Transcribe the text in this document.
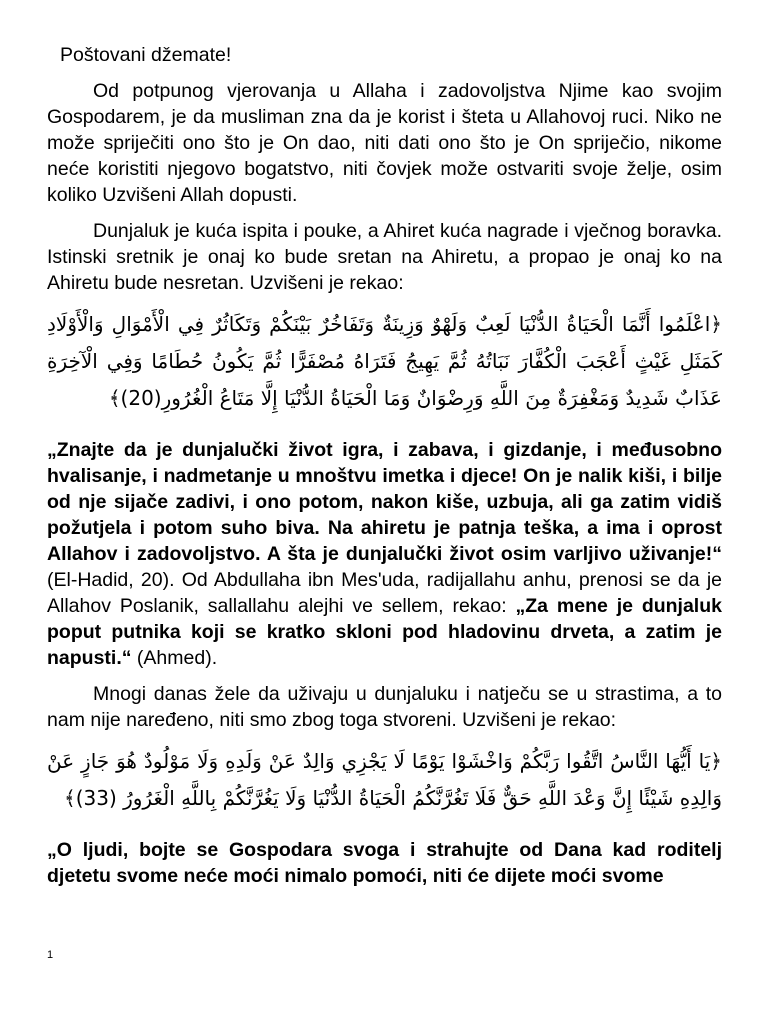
Poštovani džemate!

Od potpunog vjerovanja u Allaha i zadovoljstva Njime kao svojim Gospodarem, je da musliman zna da je korist i šteta u Allahovoj ruci. Niko ne može spriječiti ono što je On dao, niti dati ono što je On spriječio, nikome neće koristiti njegovo bogatstvo, niti čovjek može ostvariti svoje želje, osim koliko Uzvišeni Allah dopusti.

Dunjaluk je kuća ispita i pouke, a Ahiret kuća nagrade i vječnog boravka. Istinski sretnik je onaj ko bude sretan na Ahiretu, a propao je onaj ko na Ahiretu bude nesretan. Uzvišeni je rekao:

﴿اعْلَمُوا أَنَّمَا الْحَيَاةُ الدُّنْيَا لَعِبٌ وَلَهْوٌ وَزِينَةٌ وَتَفَاخُرٌ بَيْنَكُمْ وَتَكَاثُرٌ فِي الْأَمْوَالِ وَالْأَوْلَادِ كَمَثَلِ غَيْثٍ أَعْجَبَ الْكُفَّارَ نَبَاتُهُ ثُمَّ يَهِيجُ فَتَرَاهُ مُصْفَرًّا ثُمَّ يَكُونُ حُطَامًا وَفِي الْآخِرَةِ عَذَابٌ شَدِيدٌ وَمَغْفِرَةٌ مِنَ اللَّهِ وَرِضْوَانٌ وَمَا الْحَيَاةُ الدُّنْيَا إِلَّا مَتَاعُ الْغُرُورِ(20)﴾

„Znajte da je dunjalučki život igra, i zabava, i gizdanje, i međusobno hvalisanje, i nadmetanje u mnoštvu imetka i djece! On je nalik kiši, i bilje od nje sijače zadivi, i ono potom, nakon kiše, uzbuja, ali ga zatim vidiš požutjela i potom suho biva. Na ahiretu je patnja teška, a ima i oprost Allahov i zadovoljstvo. A šta je dunjalučki život osim varljivo uživanje!“ (El-Hadid, 20). Od Abdullaha ibn Mes'uda, radijallahu anhu, prenosi se da je Allahov Poslanik, sallallahu alejhi ve sellem, rekao: „Za mene je dunjaluk poput putnika koji se kratko skloni pod hladovinu drveta, a zatim je napusti.“ (Ahmed).

Mnogi danas žele da uživaju u dunjaluku i natječu se u strastima, a to nam nije naređeno, niti smo zbog toga stvoreni. Uzvišeni je rekao:

﴿يَا أَيُّهَا النَّاسُ اتَّقُوا رَبَّكُمْ وَاخْشَوْا يَوْمًا لَا يَجْزِي وَالِدٌ عَنْ وَلَدِهِ وَلَا مَوْلُودٌ هُوَ جَازٍ عَنْ وَالِدِهِ شَيْئًا إِنَّ وَعْدَ اللَّهِ حَقٌّ فَلَا تَغُرَّنَّكُمُ الْحَيَاةُ الدُّنْيَا وَلَا يَغُرَّنَّكُمْ بِاللَّهِ الْغَرُورُ (33)﴾

„O ljudi, bojte se Gospodara svoga i strahujte od Dana kad roditelj djetetu svome neće moći nimalo pomoći, niti će dijete moći svome

1
